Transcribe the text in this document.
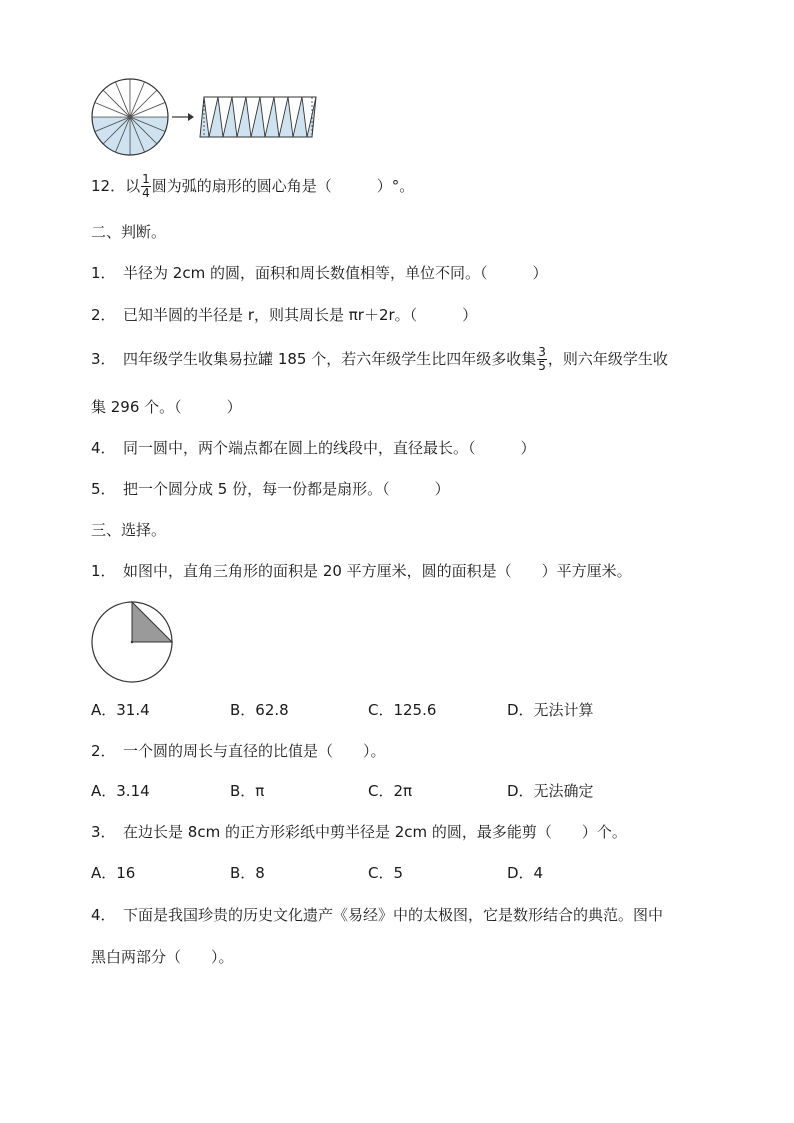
12．以 $\frac{1}{4}$ 圆为弧的扇形的圆心角是（　　　）°。
二、判断。
1．　半径为 2cm 的圆，面积和周长数值相等，单位不同。（　　　）
2．　已知半圆的半径是 r，则其周长是 πr＋2r。（　　　）
3．　四年级学生收集易拉罐 185 个，若六年级学生比四年级多收集 $\frac{3}{5}$ ，则六年级学生收
集 296 个。（　　　）
4．　同一圆中，两个端点都在圆上的线段中，直径最长。（　　　）
5．　把一个圆分成 5 份，每一份都是扇形。（　　　）
三、选择。
1．　如图中，直角三角形的面积是 20 平方厘米，圆的面积是（　　）平方厘米。
A．31.4	B．62.8	C．125.6	D．无法计算
2．　一个圆的周长与直径的比值是（　　）。
A．3.14	B．π	C．2π	D．无法确定
3．　在边长是 8cm 的正方形彩纸中剪半径是 2cm 的圆，最多能剪（　　）个。
A．16	B．8	C．5	D．4
4．　下面是我国珍贵的历史文化遗产《易经》中的太极图，它是数形结合的典范。图中
黑白两部分（　　）。
